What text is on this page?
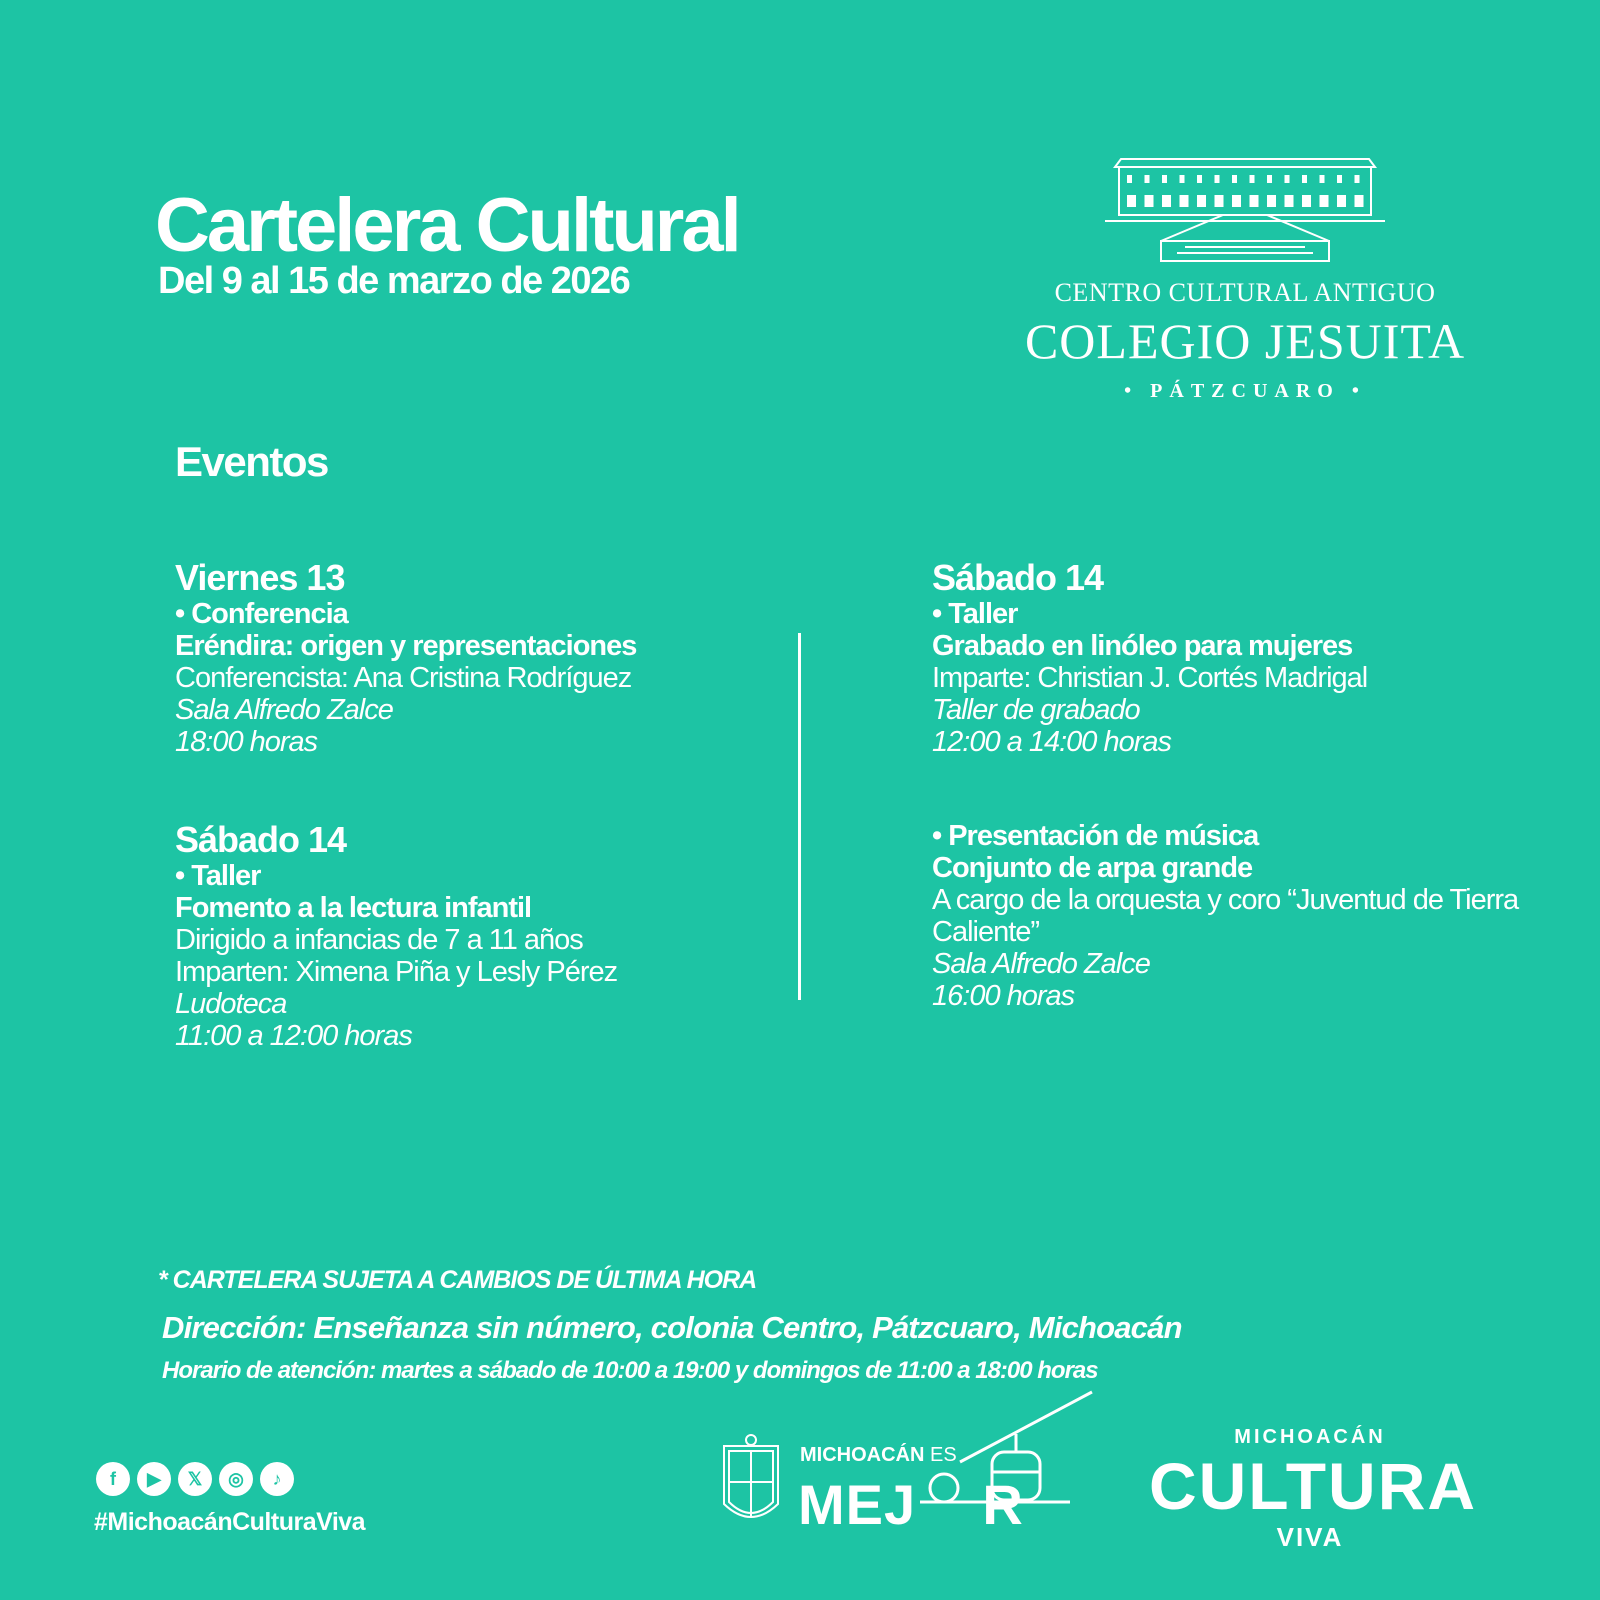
Cartelera Cultural
Del 9 al 15 de marzo de 2026	CENTRO CULTURAL ANTIGUO
COLEGIO JESUITA
• PÁTZCUARO •
Eventos
Viernes 13
• Conferencia
Eréndira: origen y representaciones
Conferencista: Ana Cristina Rodríguez
Sala Alfredo Zalce
18:00 horas
Sábado 14
• Taller
Fomento a la lectura infantil
Dirigido a infancias de 7 a 11 años
Imparten: Ximena Piña y Lesly Pérez
Ludoteca
11:00 a 12:00 horas
Sábado 14
• Taller
Grabado en linóleo para mujeres
Imparte: Christian J. Cortés Madrigal
Taller de grabado
12:00 a 14:00 horas
• Presentación de música
Conjunto de arpa grande
A cargo de la orquesta y coro “Juventud de Tierra Caliente”
Sala Alfredo Zalce
16:00 horas
* CARTELERA SUJETA A CAMBIOS DE ÚLTIMA HORA
Dirección: Enseñanza sin número, colonia Centro, Pátzcuaro, Michoacán
Horario de atención: martes a sábado de 10:00 a 19:00 y domingos de 11:00 a 18:00 horas
f	▶	𝕏	◎	♪
#MichoacánCulturaViva
MICHOACÁN ES
MEJ    R
MICHOACÁN
CULTURA
VIVA
